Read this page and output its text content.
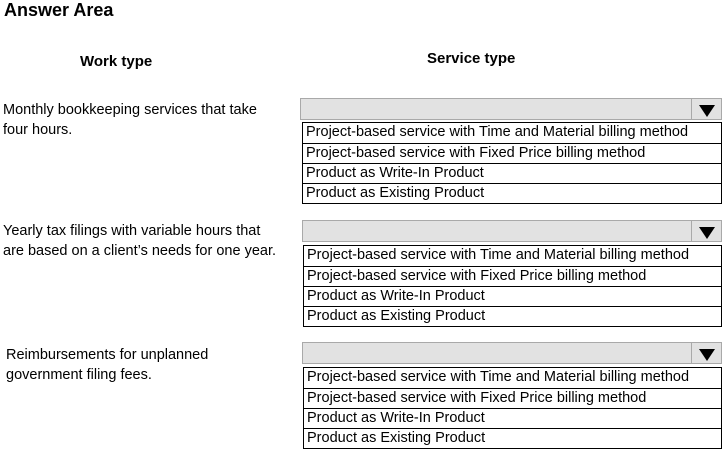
Answer Area
Work type	Service type
Monthly bookkeeping services that take
four hours.	Project-based service with Time and Material billing method
Project-based service with Fixed Price billing method
Product as Write-In Product
Product as Existing Product
Yearly tax filings with variable hours that
are based on a client’s needs for one year. Project-based service with Time and Material billing method
Project-based service with Fixed Price billing method
Product as Write-In Product
Product as Existing Product
Reimbursements for unplanned
government filing fees.	Project-based service with Time and Material billing method
Project-based service with Fixed Price billing method
Product as Write-In Product
Product as Existing Product
